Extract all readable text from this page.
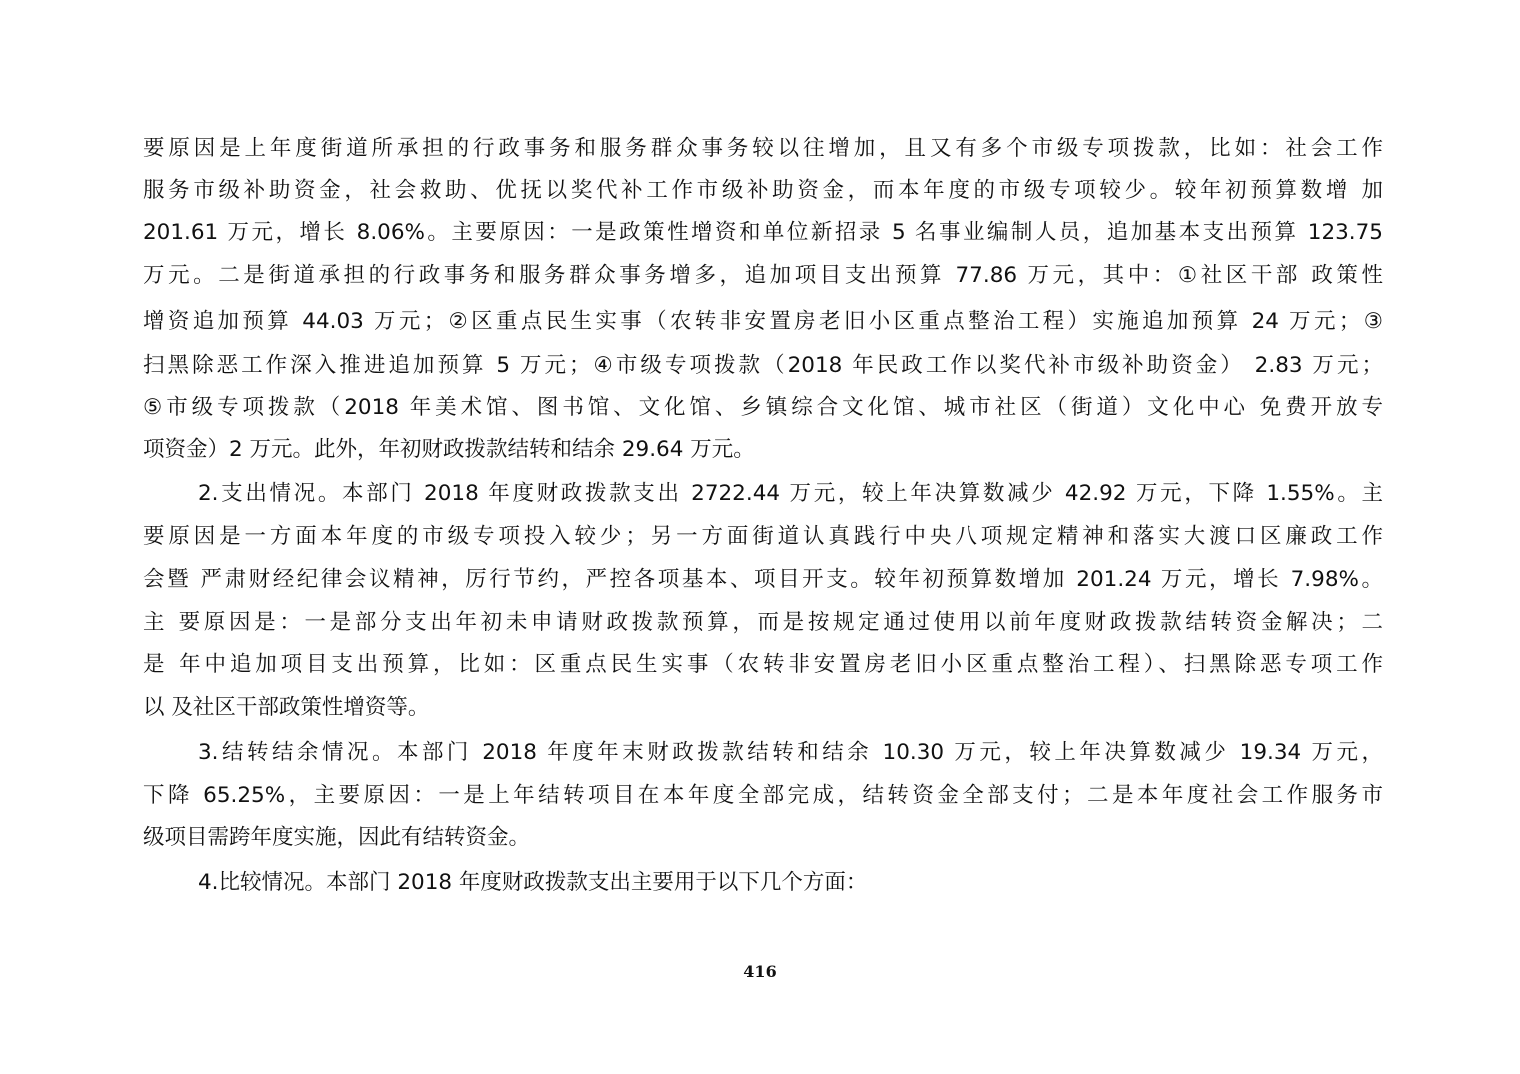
要原因是上年度街道所承担的行政事务和服务群众事务较以往增加，且又有多个市级专项拨款，比如：社会工作
服务市级补助资金，社会救助、优抚以奖代补工作市级补助资金，而本年度的市级专项较少。较年初预算数增 加
201.61 万元，增长 8.06%。主要原因：一是政策性增资和单位新招录 5 名事业编制人员，追加基本支出预算 123.75
万元。二是街道承担的行政事务和服务群众事务增多，追加项目支出预算 77.86 万元，其中：①社区干部 政策性
增资追加预算 44.03 万元；②区重点民生实事（农转非安置房老旧小区重点整治工程）实施追加预算 24 万元；③
扫黑除恶工作深入推进追加预算 5 万元；④市级专项拨款（2018 年民政工作以奖代补市级补助资金） 2.83 万元；
⑤市级专项拨款（2018 年美术馆、图书馆、文化馆、乡镇综合文化馆、城市社区（街道）文化中心 免费开放专
项资金）2 万元。此外，年初财政拨款结转和结余 29.64 万元。
2.支出情况。本部门 2018 年度财政拨款支出 2722.44 万元，较上年决算数减少 42.92 万元，下降 1.55%。主
要原因是一方面本年度的市级专项投入较少；另一方面街道认真践行中央八项规定精神和落实大渡口区廉政工作
会暨 严肃财经纪律会议精神，厉行节约，严控各项基本、项目开支。较年初预算数增加 201.24 万元，增长 7.98%。
主 要原因是：一是部分支出年初未申请财政拨款预算，而是按规定通过使用以前年度财政拨款结转资金解决；二
是 年中追加项目支出预算，比如：区重点民生实事（农转非安置房老旧小区重点整治工程）、扫黑除恶专项工作
以 及社区干部政策性增资等。
3.结转结余情况。本部门 2018 年度年末财政拨款结转和结余 10.30 万元，较上年决算数减少 19.34 万元，
下降 65.25%，主要原因：一是上年结转项目在本年度全部完成，结转资金全部支付；二是本年度社会工作服务市
级项目需跨年度实施，因此有结转资金。
4.比较情况。本部门 2018 年度财政拨款支出主要用于以下几个方面：
416
